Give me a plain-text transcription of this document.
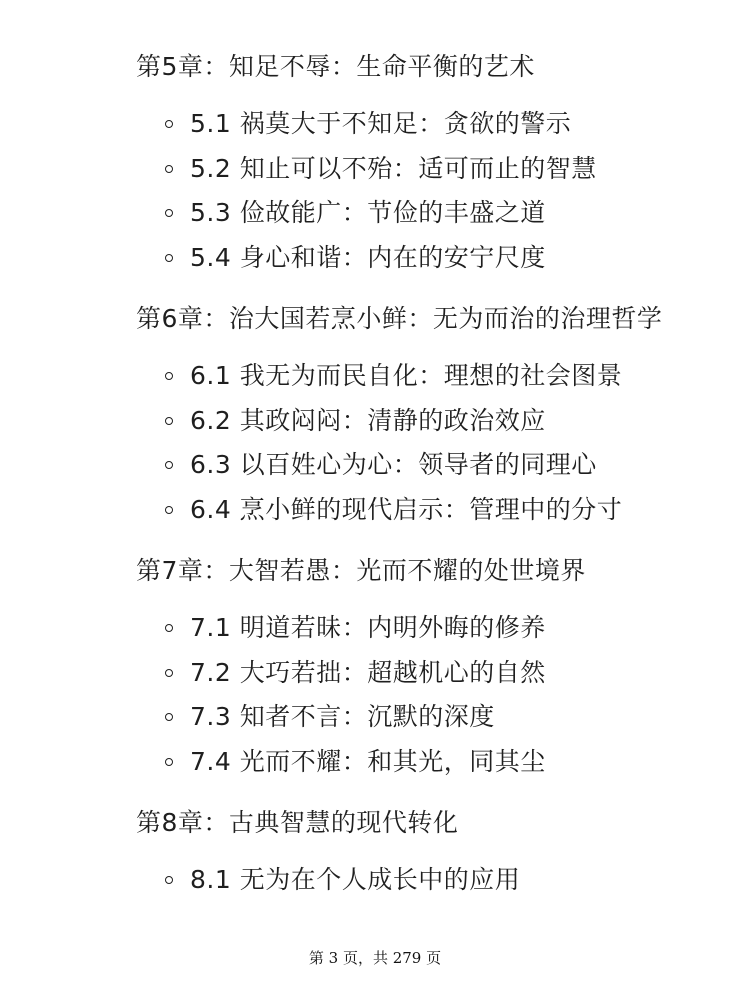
第5章：知足不辱：生命平衡的艺术
5.1 祸莫大于不知足：贪欲的警示
5.2 知止可以不殆：适可而止的智慧
5.3 俭故能广：节俭的丰盛之道
5.4 身心和谐：内在的安宁尺度
第6章：治大国若烹小鲜：无为而治的治理哲学
6.1 我无为而民自化：理想的社会图景
6.2 其政闷闷：清静的政治效应
6.3 以百姓心为心：领导者的同理心
6.4 烹小鲜的现代启示：管理中的分寸
第7章：大智若愚：光而不耀的处世境界
7.1 明道若昧：内明外晦的修养
7.2 大巧若拙：超越机心的自然
7.3 知者不言：沉默的深度
7.4 光而不耀：和其光，同其尘
第8章：古典智慧的现代转化
8.1 无为在个人成长中的应用
第 3 页，共 279 页
